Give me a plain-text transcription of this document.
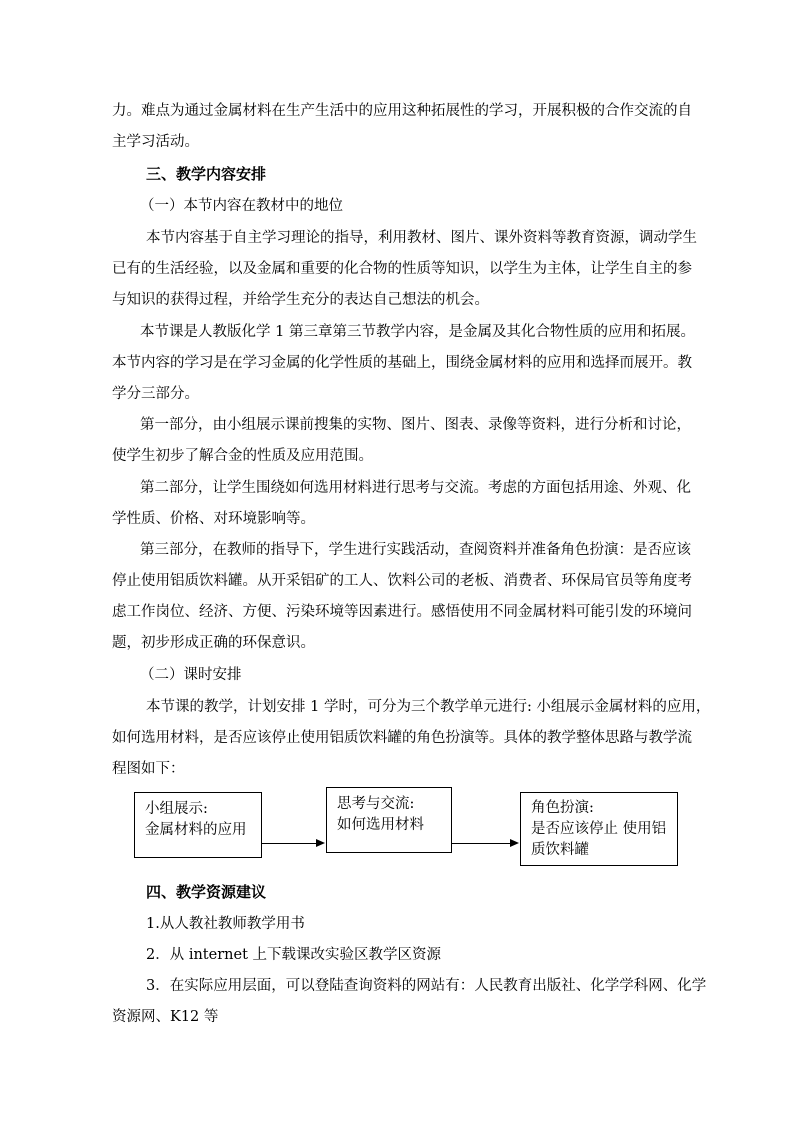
力。难点为通过金属材料在生产生活中的应用这种拓展性的学习，开展积极的合作交流的自
主学习活动。
三、教学内容安排
（一）本节内容在教材中的地位
本节内容基于自主学习理论的指导，利用教材、图片、课外资料等教育资源，调动学生
已有的生活经验，以及金属和重要的化合物的性质等知识，以学生为主体，让学生自主的参
与知识的获得过程，并给学生充分的表达自己想法的机会。
本节课是人教版化学 1 第三章第三节教学内容，是金属及其化合物性质的应用和拓展。
本节内容的学习是在学习金属的化学性质的基础上，围绕金属材料的应用和选择而展开。教
学分三部分。
第一部分，由小组展示课前搜集的实物、图片、图表、录像等资料，进行分析和讨论，
使学生初步了解合金的性质及应用范围。
第二部分，让学生围绕如何选用材料进行思考与交流。考虑的方面包括用途、外观、化
学性质、价格、对环境影响等。
第三部分，在教师的指导下，学生进行实践活动，查阅资料并准备角色扮演：是否应该
停止使用铝质饮料罐。从开采铝矿的工人、饮料公司的老板、消费者、环保局官员等角度考
虑工作岗位、经济、方便、污染环境等因素进行。感悟使用不同金属材料可能引发的环境问
题，初步形成正确的环保意识。
（二）课时安排
本节课的教学，计划安排 1 学时，可分为三个教学单元进行: 小组展示金属材料的应用，
如何选用材料，是否应该停止使用铝质饮料罐的角色扮演等。具体的教学整体思路与教学流
程图如下：
小组展示:
金属材料的应用
思考与交流:
如何选用材料
角色扮演:
是否应该停止 使用铝
质饮料罐
四、教学资源建议
1.从人教社教师教学用书
2．从 internet 上下载课改实验区教学区资源
3．在实际应用层面，可以登陆查询资料的网站有：人民教育出版社、化学学科网、化学
资源网、K12 等
